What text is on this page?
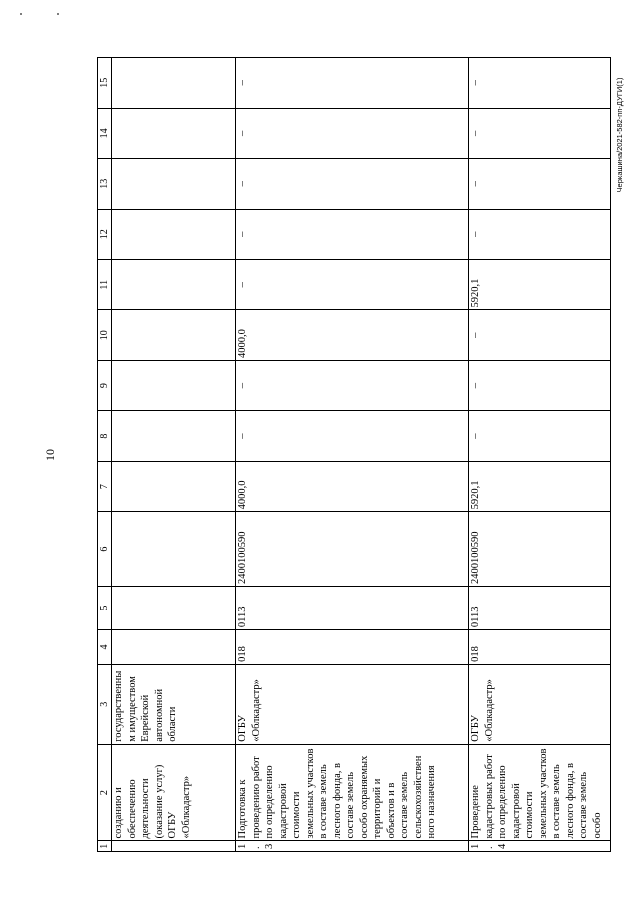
10
Черкашина/2021-582-пп-ДУГИ(1)
1	2	3	4	5	6	7	8	9	10	11	12	13	14	15
	созданию и обеспечению деятельности (оказание услуг) ОГБУ «Облкадастр»	государственным имуществом Еврейской автономной области												
1.3	Подготовка к проведению работ по определению кадастровой стоимости земельных участков в составе земель лесного фонда, в составе земель особо охраняемых территорий и объектов и в составе земель сельскохозяйствен ного назначения	ОГБУ «Облкадастр»	018	0113	2400100590	4000,0	–	–	4000,0	–	–	–	–	–
1.4	Проведение кадастровых работ по определению кадастровой стоимости земельных участков в составе земель лесного фонда, в составе земель особо	ОГБУ «Облкадастр»	018	0113	2400100590	5920,1	–	–	–	5920,1	–	–	–	–
